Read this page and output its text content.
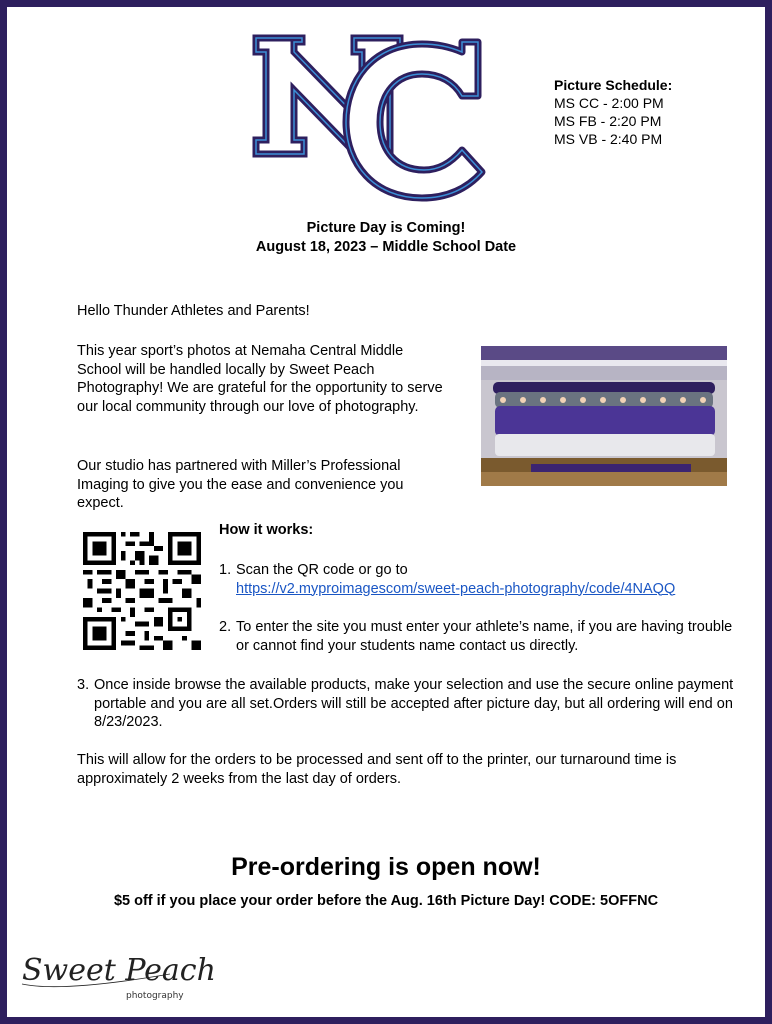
Picture Schedule:
MS CC - 2:00 PM
MS FB - 2:20 PM
MS VB - 2:40 PM
Picture Day is Coming!
August 18, 2023 – Middle School Date
Hello Thunder Athletes and Parents!
This year sport’s photos at Nemaha Central Middle School will be handled locally by Sweet Peach Photography! We are grateful for the opportunity to serve our local community through our love of photography.
Our studio has partnered with Miller’s Professional Imaging to give you the ease and convenience you expect.
How it works:
1. Scan the QR code or go to
https://v2.myproimagescom/sweet-peach-photography/code/4NAQQ
2. To enter the site you must enter your athlete’s name, if you are having trouble or cannot find your students name contact us directly.
3. Once inside browse the available products, make your selection and use the secure online payment portable and you are all set.Orders will still be accepted after picture day, but all ordering will end on 8/23/2023.
This will allow for the orders to be processed and sent off to the printer, our turnaround time is approximately 2 weeks from the last day of orders.
Pre-ordering is open now!
$5 off if you place your order before the Aug. 16th Picture Day! CODE: 5OFFNC
Sweet Peach
photography
